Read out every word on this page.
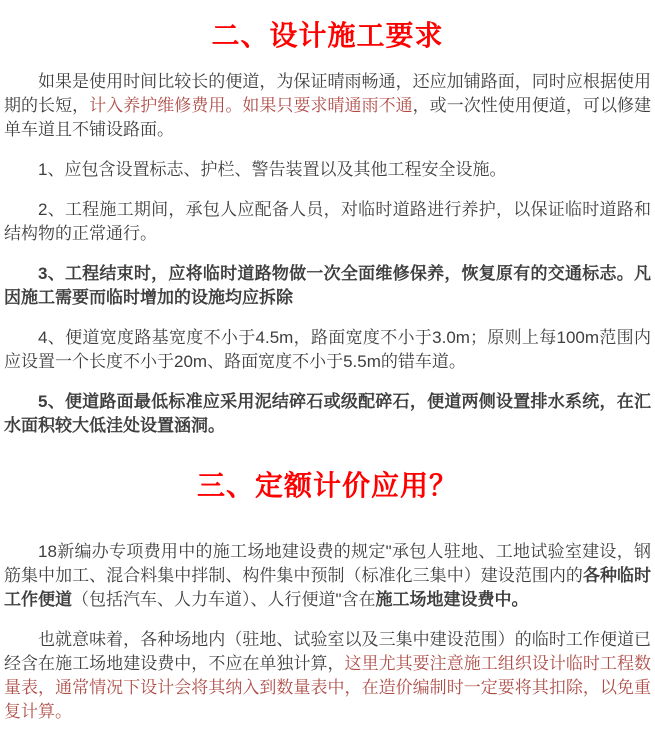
二、设计施工要求

如果是使用时间比较长的便道，为保证晴雨畅通，还应加铺路面，同时应根据使用期的长短，计入养护维修费用。如果只要求晴通雨不通，或一次性使用便道，可以修建单车道且不铺设路面。

1、应包含设置标志、护栏、警告装置以及其他工程安全设施。

2、工程施工期间，承包人应配备人员，对临时道路进行养护，以保证临时道路和结构物的正常通行。

3、工程结束时，应将临时道路物做一次全面维修保养，恢复原有的交通标志。凡因施工需要而临时增加的设施均应拆除

4、便道宽度路基宽度不小于4.5m，路面宽度不小于3.0m；原则上每100m范围内应设置一个长度不小于20m、路面宽度不小于5.5m的错车道。

5、便道路面最低标准应采用泥结碎石或级配碎石，便道两侧设置排水系统，在汇水面积较大低洼处设置涵洞。

三、定额计价应用？

18新编办专项费用中的施工场地建设费的规定"承包人驻地、工地试验室建设，钢筋集中加工、混合料集中拌制、构件集中预制（标准化三集中）建设范围内的各种临时工作便道（包括汽车、人力车道）、人行便道"含在施工场地建设费中。

也就意味着，各种场地内（驻地、试验室以及三集中建设范围）的临时工作便道已经含在施工场地建设费中，不应在单独计算，这里尤其要注意施工组织设计临时工程数量表，通常情况下设计会将其纳入到数量表中，在造价编制时一定要将其扣除，以免重复计算。
